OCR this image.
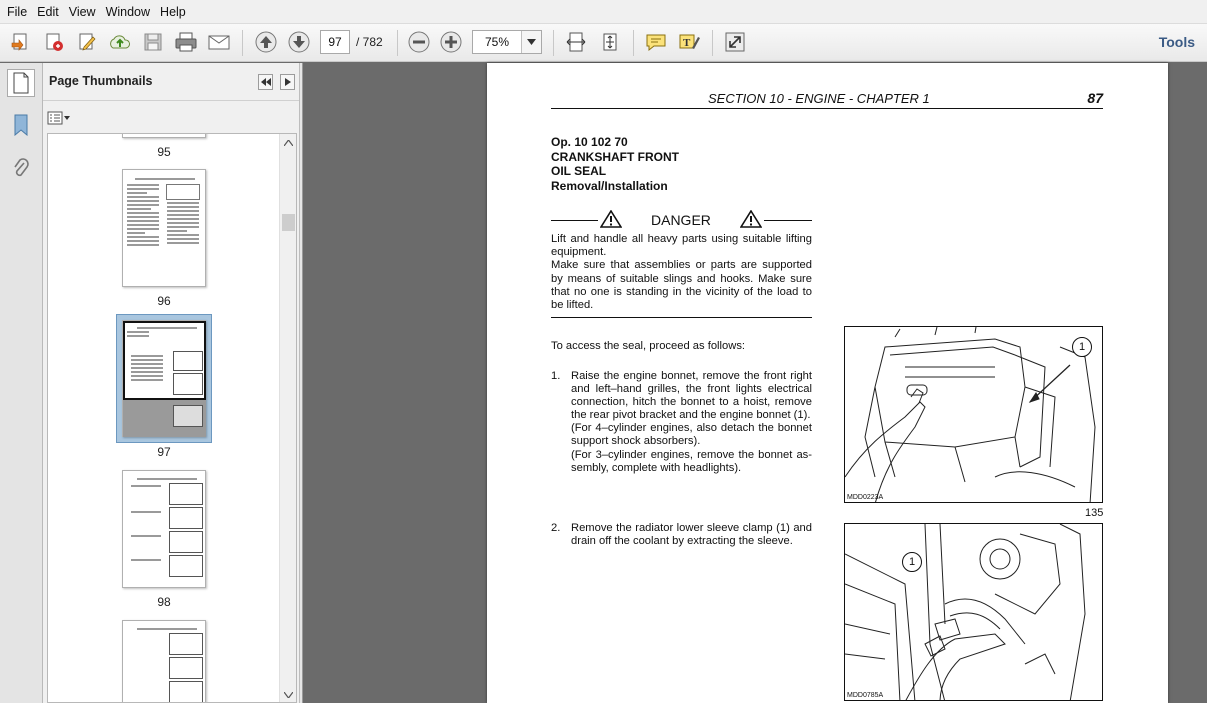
File Edit View Window Help
97	/ 782	75%	T	Tools
Page Thumbnails
95
96
97
98
SECTION 10 - ENGINE - CHAPTER 1	87
Op. 10 102 70
CRANKSHAFT FRONT
OIL SEAL
Removal/Installation
DANGER
Lift and handle all heavy parts using suitable lifting equipment.
Make sure that assemblies or parts are supported by means of suitable slings and hooks. Make sure that no one is standing in the vicinity of the load to be lifted.
To access the seal, proceed as follows:
1. Raise the engine bonnet, remove the front right and left–hand grilles, the front lights electrical connection, hitch the bonnet to a hoist, remove the rear pivot bracket and the engine bonnet (1).
(For 4–cylinder engines, also detach the bonnet support shock absorbers).
(For 3–cylinder engines, remove the bonnet as-sembly, complete with headlights).
2. Remove the radiator lower sleeve clamp (1) and drain off the coolant by extracting the sleeve.
1
MDD0223A
135
1
MDD0785A
